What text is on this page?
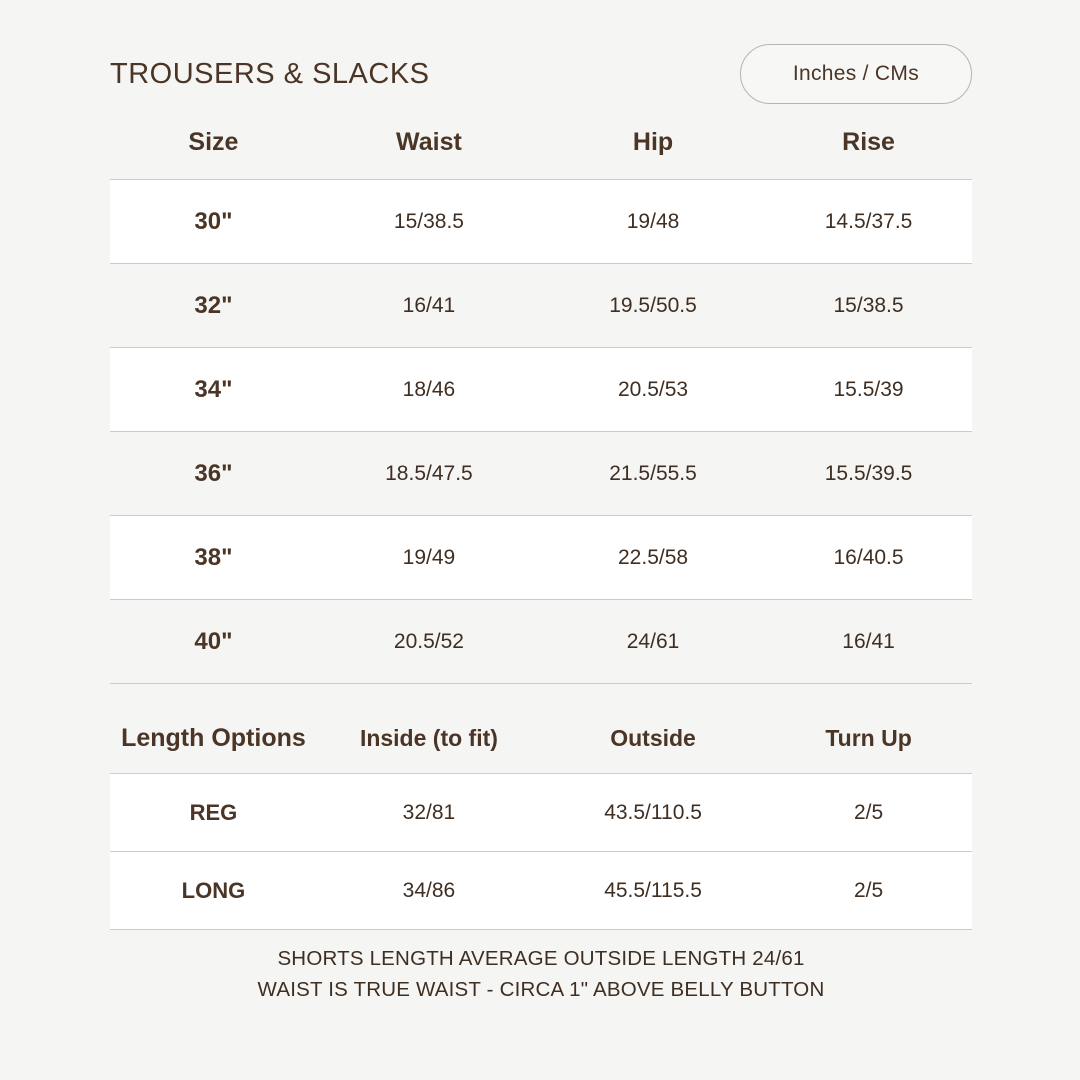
TROUSERS & SLACKS	Inches / CMs
Size	Waist	Hip	Rise
30"	15/38.5	19/48	14.5/37.5
32"	16/41	19.5/50.5	15/38.5
34"	18/46	20.5/53	15.5/39
36"	18.5/47.5	21.5/55.5	15.5/39.5
38"	19/49	22.5/58	16/40.5
40"	20.5/52	24/61	16/41
Length Options	Inside (to fit)	Outside	Turn Up
REG	32/81	43.5/110.5	2/5
LONG	34/86	45.5/115.5	2/5
SHORTS LENGTH AVERAGE OUTSIDE LENGTH 24/61
WAIST IS TRUE WAIST - CIRCA 1" ABOVE BELLY BUTTON
